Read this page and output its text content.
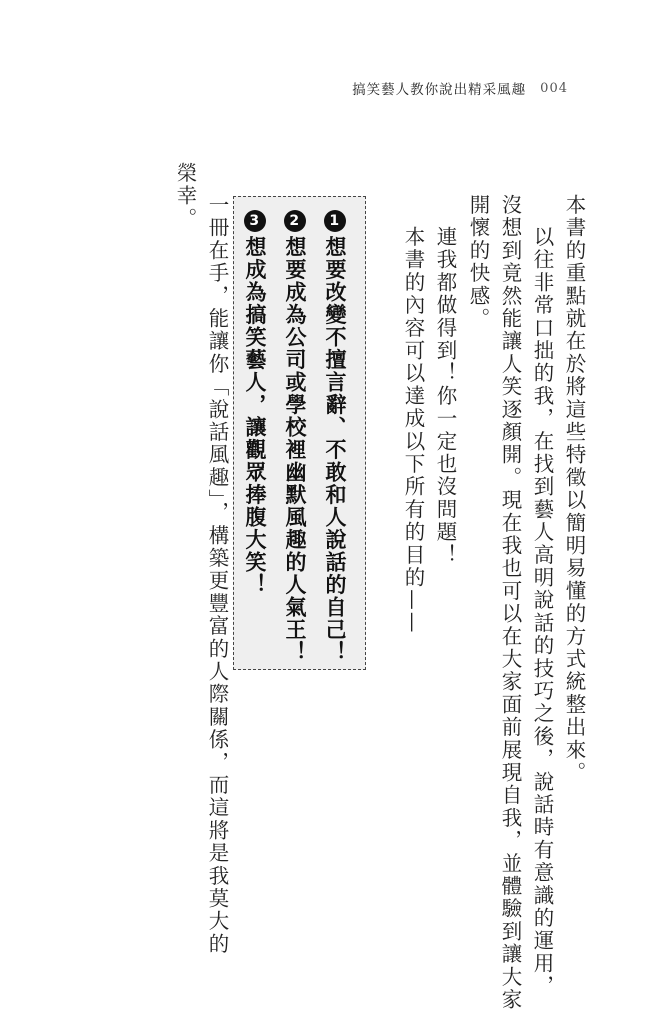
搞笑藝人教你說出精采風趣 004
本書的重點就在於將這些特徵以簡明易懂的方式統整出來。
以往非常口拙的我，在找到藝人高明說話的技巧之後，說話時有意識的運用，
沒想到竟然能讓人笑逐顏開。現在我也可以在大家面前展現自我，並體驗到讓大家
開懷的快感。
連我都做得到！你一定也沒問題！
本書的內容可以達成以下所有的目的——
1想要改變不擅言辭、不敢和人說話的自己！
2想要成為公司或學校裡幽默風趣的人氣王！
3想成為搞笑藝人，讓觀眾捧腹大笑！
一冊在手，能讓你「說話風趣」，構築更豐富的人際關係，而這將是我莫大的
榮幸。
